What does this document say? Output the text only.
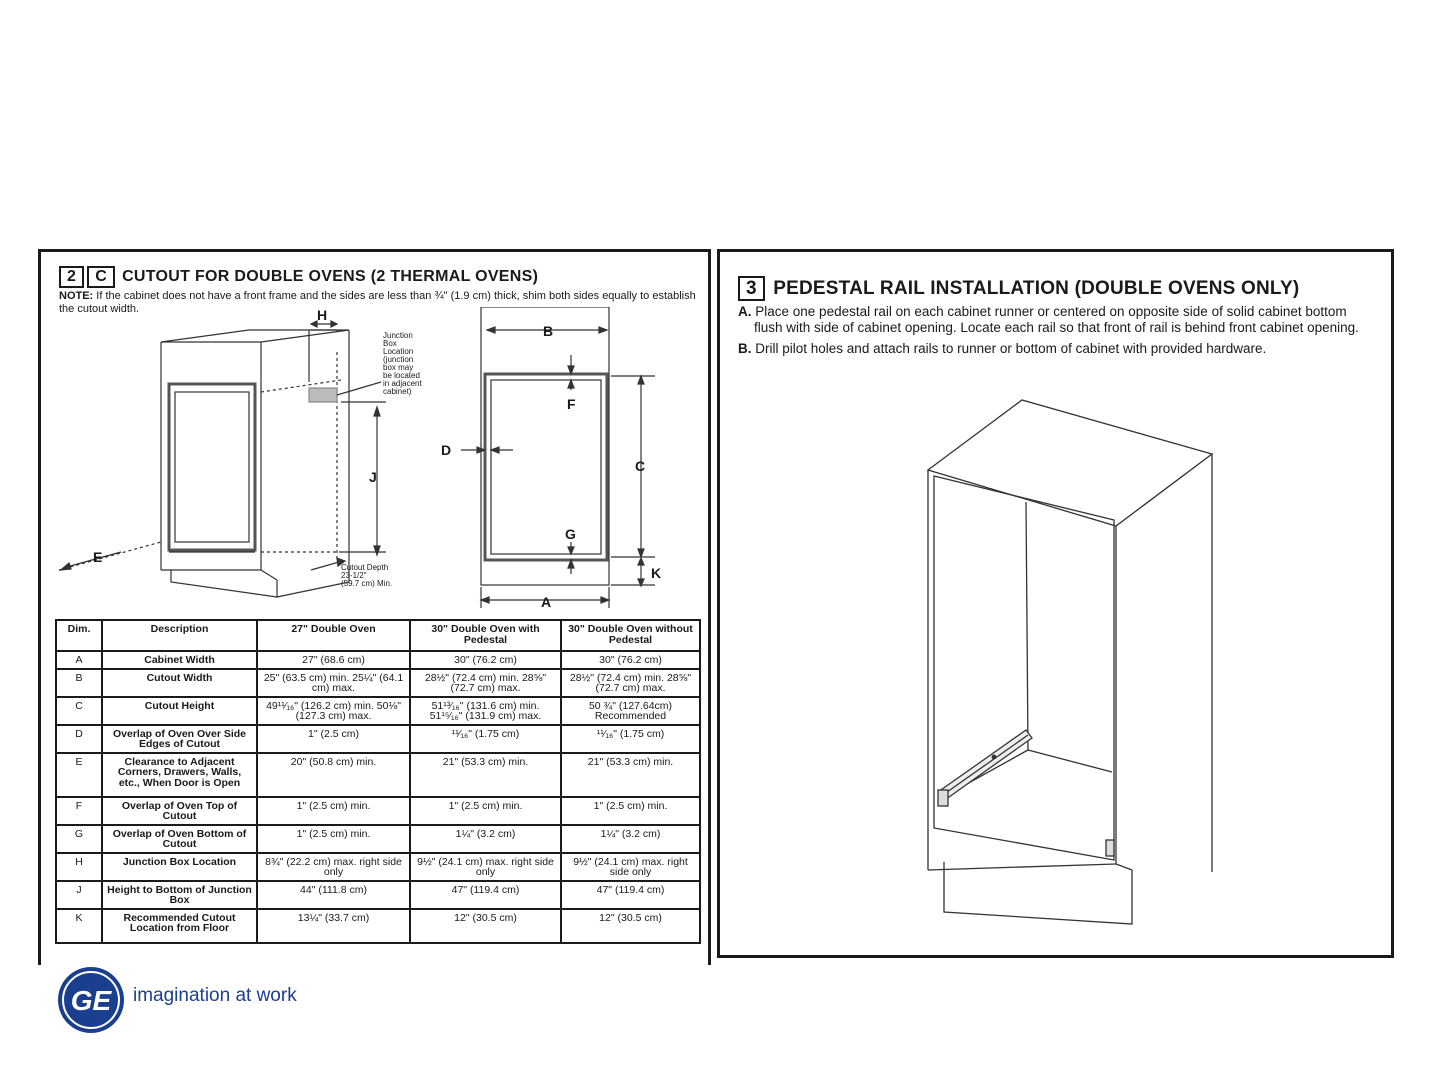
2 C CUTOUT FOR DOUBLE OVENS (2 THERMAL OVENS)
NOTE: If the cabinet does not have a front frame and the sides are less than ¾" (1.9 cm) thick, shim both sides equally to establish the cutout width.	H
J
E
B
F
D
C
G
K
A
Junction
Box
Location
(junction
box may
be located
in adjacent
cabinet)
Cutout Depth
23-1/2"
(59.7 cm) Min.
Dim.	Description	27" Double Oven	30" Double Oven with Pedestal	30" Double Oven without Pedestal
A	Cabinet Width	27" (68.6 cm)	30" (76.2 cm)	30" (76.2 cm)
B	Cutout Width	25" (63.5 cm) min. 25¼" (64.1 cm) max.	28½" (72.4 cm) min. 28⅝" (72.7 cm) max.	28½" (72.4 cm) min. 28⅝" (72.7 cm) max.
C	Cutout Height	49¹¹⁄₁₆" (126.2 cm) min. 50⅛" (127.3 cm) max.	51¹³⁄₁₆" (131.6 cm) min. 51¹⁵⁄₁₆" (131.9 cm) max.	50 ¾" (127.64cm) Recommended
D	Overlap of Oven Over Side Edges of Cutout	1" (2.5 cm)	¹¹⁄₁₆" (1.75 cm)	¹¹⁄₁₆" (1.75 cm)
E	Clearance to Adjacent Corners, Drawers, Walls, etc., When Door is Open	20" (50.8 cm) min.	21" (53.3 cm) min.	21" (53.3 cm) min.
F	Overlap of Oven Top of Cutout	1" (2.5 cm) min.	1" (2.5 cm) min.	1" (2.5 cm) min.
G	Overlap of Oven Bottom of Cutout	1" (2.5 cm) min.	1¼" (3.2 cm)	1¼" (3.2 cm)
H	Junction Box Location	8¾" (22.2 cm) max. right side only	9½" (24.1 cm) max. right side only	9½" (24.1 cm) max. right side only
J	Height to Bottom of Junction Box	44" (111.8 cm)	47" (119.4 cm)	47" (119.4 cm)
K	Recommended Cutout Location from Floor	13¼" (33.7 cm)	12" (30.5 cm)	12" (30.5 cm)
3 PEDESTAL RAIL INSTALLATION (DOUBLE OVENS ONLY)
A. Place one pedestal rail on each cabinet runner or centered on opposite side of solid cabinet bottom flush with side of cabinet opening. Locate each rail so that front of rail is behind front cabinet opening.
B. Drill pilot holes and attach rails to runner or bottom of cabinet with provided hardware.
GE imagination at work
